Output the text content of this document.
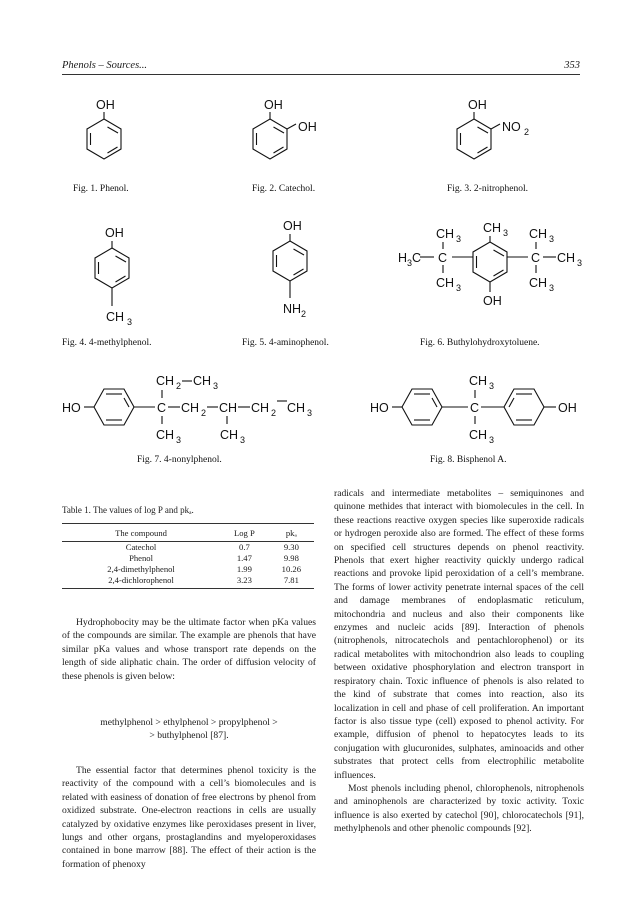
Phenols – Sources...	353
OH
Fig. 1. Phenol.
OH
OH
Fig. 2. Catechol.
OH
NO 2
Fig. 3. 2-nitrophenol.
OH
CH 3
Fig. 4. 4-methylphenol.
OH
NH 2
Fig. 5. 4-aminophenol.
C
CH 3
CH 3
H 3 C
CH 3
C
CH 3
CH 3
CH 3
OH
Fig. 6. Buthylohydroxytoluene.
HO	C
CH 2 CH 3
CH 3
CH 2 CH
CH 3
CH 2 CH 3
Fig. 7. 4-nonylphenol.
HO	C
CH 3
CH 3
OH
Fig. 8. Bisphenol A.
Table 1. The values of log P and pkₐ.
The compound	Log P	pkₐ
Catechol	0.7	9.30
Phenol	1.47	9.98
2,4-dimethylphenol	1.99	10.26
2,4-dichlorophenol	3.23	7.81

Hydrophobocity may be the ultimate factor when pKa values of the compounds are similar. The example are phenols that have similar pKa values and whose transport rate depends on the length of side aliphatic chain. The order of diffusion velocity of these phenols is given below:

methylphenol > ethylphenol > propylphenol >
> buthylphenol [87].

The essential factor that determines phenol toxicity is the reactivity of the compound with a cell’s biomolecules and is related with easiness of donation of free electrons by phenol from oxidized substrate. One-electron reactions in cells are usually catalyzed by oxidative enzymes like peroxidases present in liver, lungs and other organs, prostaglandins and myeloperoxidases contained in bone marrow [88]. The effect of their action is the formation of phenoxy

radicals and intermediate metabolites – semiquinones and quinone methides that interact with biomolecules in the cell. In these reactions reactive oxygen species like superoxide radicals or hydrogen peroxide also are formed. The effect of these forms on specified cell structures depends on phenol reactivity. Phenols that exert higher reactivity quickly undergo radical reactions and provoke lipid peroxidation of a cell’s membrane. The forms of lower activity penetrate internal spaces of the cell and damage membranes of endoplasmatic reticulum, mitochondria and nucleus and also their components like enzymes and nucleic acids [89]. Interaction of phenols (nitrophenols, nitrocatechols and pentachlorophenol) or its radical metabolites with mitochondrion also leads to coupling between oxidative phosphorylation and electron transport in respiratory chain. Toxic influence of phenols is also related to the kind of substrate that comes into reaction, also its localization in cell and phase of cell proliferation. An important factor is also tissue type (cell) exposed to phenol activity. For example, diffusion of phenol to hepatocytes leads to its conjugation with glucuronides, sulphates, aminoacids and other substrates that protect cells from electrophilic metabolite influences.

Most phenols including phenol, chlorophenols, nitrophenols and aminophenols are characterized by toxic activity. Toxic influence is also exerted by catechol [90], chlorocatechols [91], methylphenols and other phenolic compounds [92].
